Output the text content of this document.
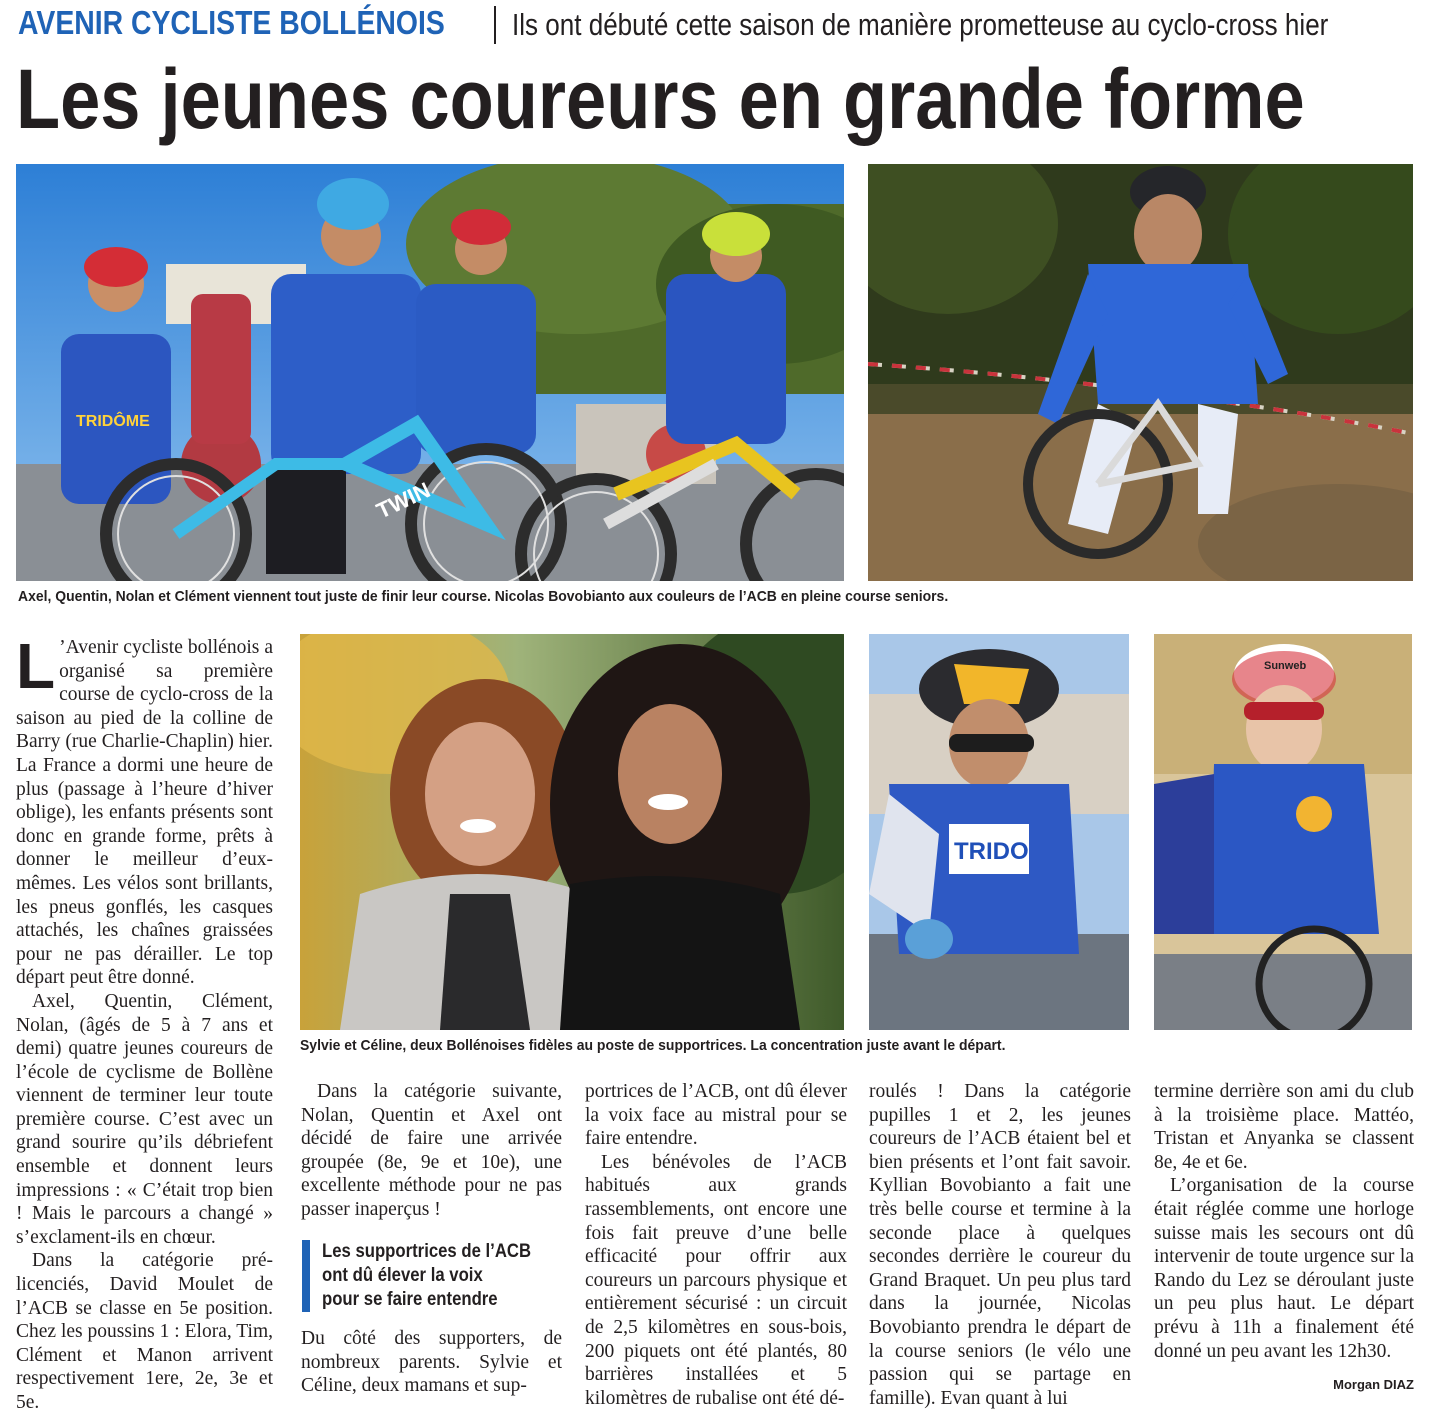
AVENIR CYCLISTE BOLLÉNOIS Ils ont débuté cette saison de manière prometteuse au cyclo-cross hier
Les jeunes coureurs en grande forme
TRIDÔME
TWIN
Axel, Quentin, Nolan et Clément viennent tout juste de finir leur course. Nicolas Bovobianto aux couleurs de l’ACB en pleine course seniors.
TRIDO
Sunweb
Sylvie et Céline, deux Bollénoises fidèles au poste de supportrices. La concentration juste avant le départ.

L ’Avenir cycliste bollénois a organisé sa première course de cyclo-cross de la saison au pied de la colline de Barry (rue Charlie-Chaplin) hier. La France a dormi une heure de plus (passage à l’heure d’hiver oblige), les enfants présents sont donc en grande forme, prêts à donner le meilleur d’eux-mêmes. Les vélos sont brillants, les pneus gonflés, les casques attachés, les chaînes graissées pour ne pas dérailler. Le top départ peut être donné.

Axel, Quentin, Clément, Nolan, (âgés de 5 à 7 ans et demi) quatre jeunes coureurs de l’école de cyclisme de Bollène viennent de terminer leur toute première course. C’est avec un grand sourire qu’ils débriefent ensemble et donnent leurs impressions : « C’était trop bien ! Mais le parcours a changé » s’exclament-ils en chœur.

Dans la catégorie pré-licenciés, David Moulet de l’ACB se classe en 5e position. Chez les poussins 1 : Elora, Tim, Clément et Manon arrivent respectivement 1ere, 2e, 3e et 5e.

Dans la catégorie suivante, Nolan, Quentin et Axel ont décidé de faire une arrivée groupée (8e, 9e et 10e), une excellente méthode pour ne pas passer inaperçus !

Les supportrices de l’ACB
ont dû élever la voix
pour se faire entendre

Du côté des supporters, de nombreux parents. Sylvie et Céline, deux mamans et sup-

portrices de l’ACB, ont dû élever la voix face au mistral pour se faire entendre.

Les bénévoles de l’ACB habitués aux grands rassemblements, ont encore une fois fait preuve d’une belle efficacité pour offrir aux coureurs un parcours physique et entièrement sécurisé : un circuit de 2,5 kilomètres en sous-bois, 200 piquets ont été plantés, 80 barrières installées et 5 kilomètres de rubalise ont été dé-

roulés ! Dans la catégorie pupilles 1 et 2, les jeunes coureurs de l’ACB étaient bel et bien présents et l’ont fait savoir. Kyllian Bovobianto a fait une très belle course et termine à la seconde place à quelques secondes derrière le coureur du Grand Braquet. Un peu plus tard dans la journée, Nicolas Bovobianto prendra le départ de la course seniors (le vélo une passion qui se partage en famille). Evan quant à lui

termine derrière son ami du club à la troisième place. Mattéo, Tristan et Anyanka se classent 8e, 4e et 6e.

L’organisation de la course était réglée comme une horloge suisse mais les secours ont dû intervenir de toute urgence sur la Rando du Lez se déroulant juste un peu plus haut. Le départ prévu à 11h a finalement été donné un peu avant les 12h30.

Morgan DIAZ
